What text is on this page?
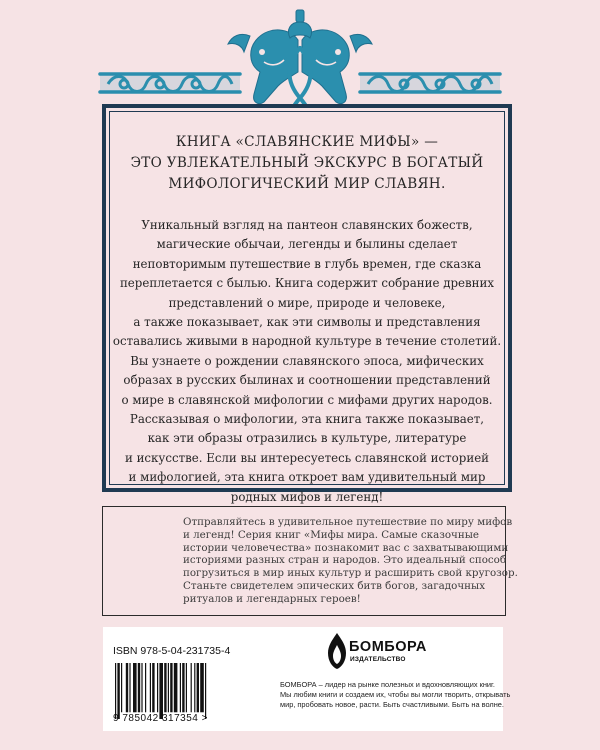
КНИГА «СЛАВЯНСКИЕ МИФЫ» —
ЭТО УВЛЕКАТЕЛЬНЫЙ ЭКСКУРС В БОГАТЫЙ
МИФОЛОГИЧЕСКИЙ МИР СЛАВЯН.
Уникальный взгляд на пантеон славянских божеств,
магические обычаи, легенды и былины сделает
неповторимым путешествие в глубь времен, где сказка
переплетается с былью. Книга содержит собрание древних
представлений о мире, природе и человеке,
а также показывает, как эти символы и представления
оставались живыми в народной культуре в течение столетий.
Вы узнаете о рождении славянского эпоса, мифических
образах в русских былинах и соотношении представлений
о мире в славянской мифологии с мифами других народов.
Рассказывая о мифологии, эта книга также показывает,
как эти образы отразились в культуре, литературе
и искусстве. Если вы интересуетесь славянской историей
и мифологией, эта книга откроет вам удивительный мир
родных мифов и легенд!
Отправляйтесь в удивительное путешествие по миру мифов
и легенд! Серия книг «Мифы мира. Самые сказочные
истории человечества» познакомит вас с захватывающими
историями разных стран и народов. Это идеальный способ
погрузиться в мир иных культур и расширить свой кругозор.
Станьте свидетелем эпических битв богов, загадочных
ритуалов и легендарных героев!
ISBN 978-5-04-231735-4
9 785042 317354 >
БОМБОРА
ИЗДАТЕЛЬСТВО
БОМБОРА – лидер на рынке полезных и вдохновляющих книг.
Мы любим книги и создаем их, чтобы вы могли творить, открывать
мир, пробовать новое, расти. Быть счастливыми. Быть на волне.
